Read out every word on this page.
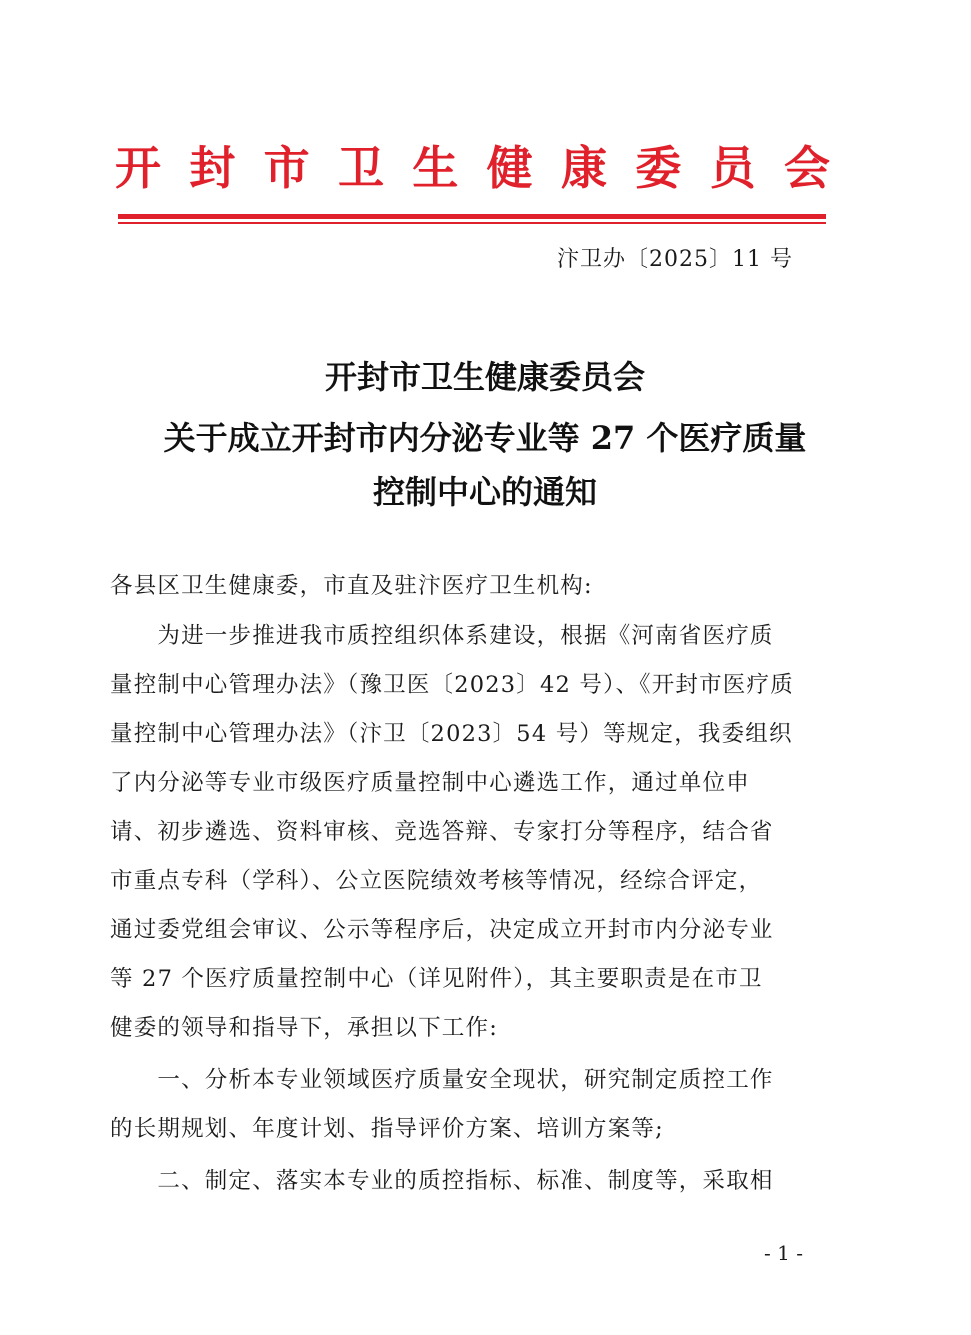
开 封 市 卫 生 健 康 委 员 会
汴卫办〔2025〕11 号
开封市卫生健康委员会
关于成立开封市内分泌专业等 27 个医疗质量
控制中心的通知
各县区卫生健康委，市直及驻汴医疗卫生机构:
　　为进一步推进我市质控组织体系建设，根据《河南省医疗质
量控制中心管理办法》（豫卫医〔2023〕42 号）、《开封市医疗质
量控制中心管理办法》（汴卫〔2023〕54 号）等规定，我委组织
了内分泌等专业市级医疗质量控制中心遴选工作，通过单位申
请、初步遴选、资料审核、竞选答辩、专家打分等程序，结合省
市重点专科（学科）、公立医院绩效考核等情况，经综合评定，
通过委党组会审议、公示等程序后，决定成立开封市内分泌专业
等 27 个医疗质量控制中心（详见附件），其主要职责是在市卫
健委的领导和指导下，承担以下工作:
　　一、分析本专业领域医疗质量安全现状，研究制定质控工作
的长期规划、年度计划、指导评价方案、培训方案等;
　　二、制定、落实本专业的质控指标、标准、制度等，采取相
- 1 -
